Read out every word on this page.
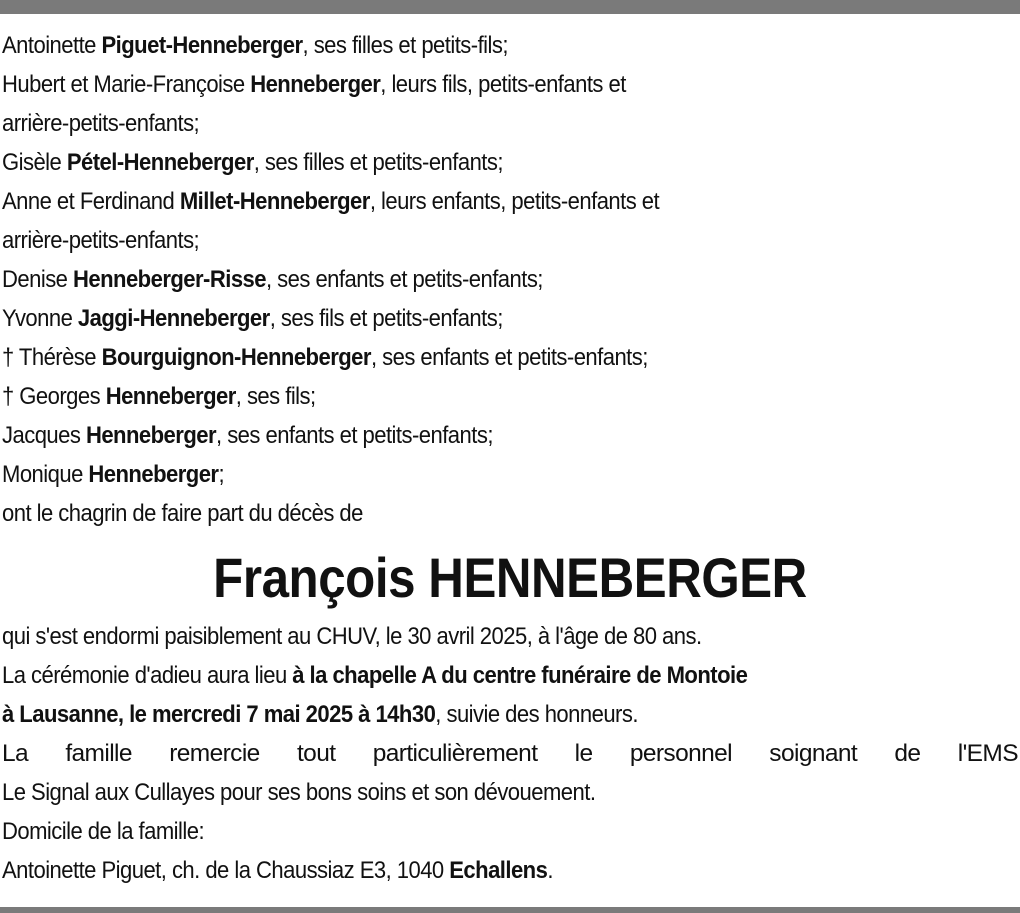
Antoinette Piguet-Henneberger, ses filles et petits-fils;
Hubert et Marie-Françoise Henneberger, leurs fils, petits-enfants et
arrière-petits-enfants;
Gisèle Pétel-Henneberger, ses filles et petits-enfants;
Anne et Ferdinand Millet-Henneberger, leurs enfants, petits-enfants et
arrière-petits-enfants;
Denise Henneberger-Risse, ses enfants et petits-enfants;
Yvonne Jaggi-Henneberger, ses fils et petits-enfants;
† Thérèse Bourguignon-Henneberger, ses enfants et petits-enfants;
† Georges Henneberger, ses fils;
Jacques Henneberger, ses enfants et petits-enfants;
Monique Henneberger;
ont le chagrin de faire part du décès de
François HENNEBERGER
qui s'est endormi paisiblement au CHUV, le 30 avril 2025, à l'âge de 80 ans.
La cérémonie d'adieu aura lieu à la chapelle A du centre funéraire de Montoie
à Lausanne, le mercredi 7 mai 2025 à 14h30, suivie des honneurs.
La famille remercie tout particulièrement le personnel soignant de l'EMS
Le Signal aux Cullayes pour ses bons soins et son dévouement.
Domicile de la famille:
Antoinette Piguet, ch. de la Chaussiaz E3, 1040 Echallens.
